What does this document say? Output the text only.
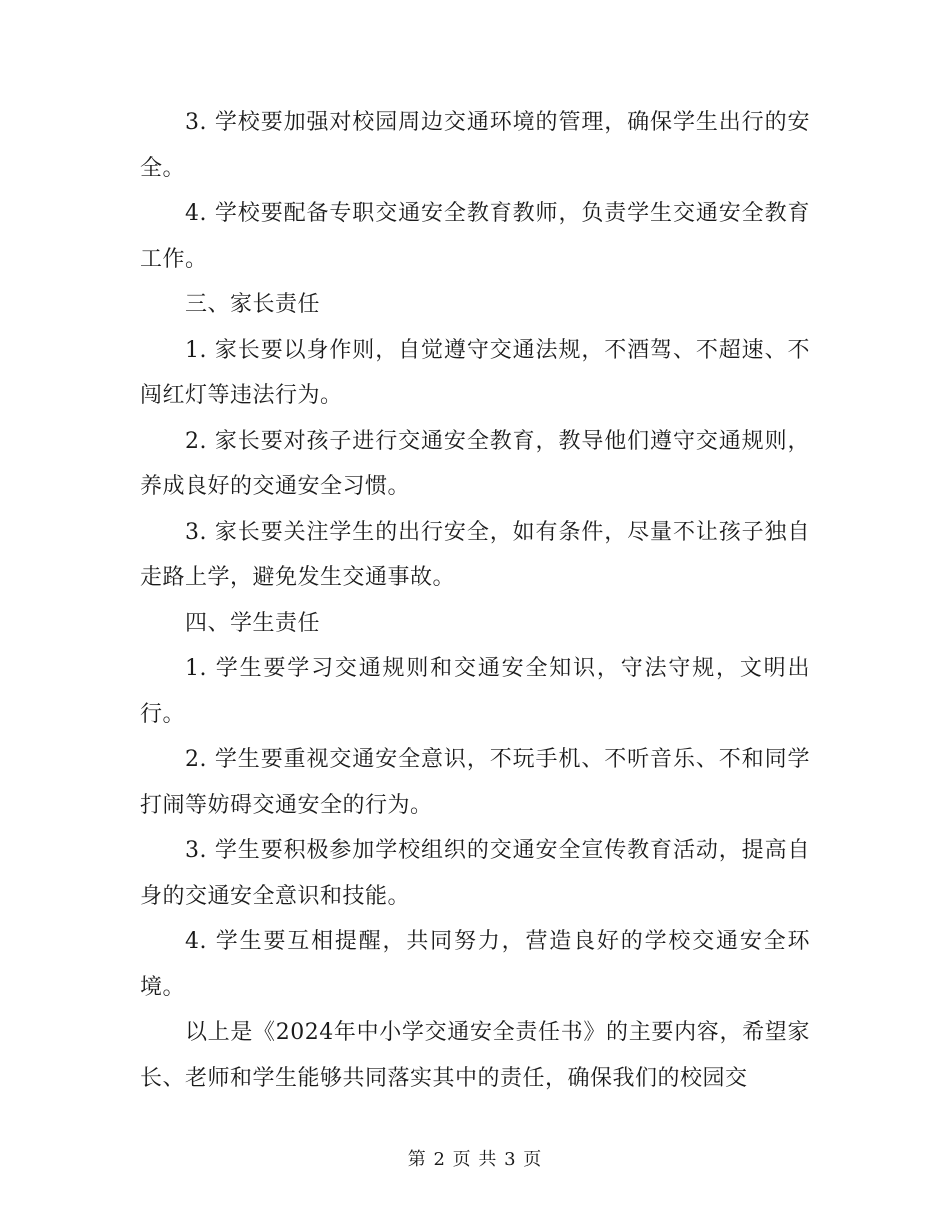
3. 学校要加强对校园周边交通环境的管理，确保学生出行的安全。

4. 学校要配备专职交通安全教育教师，负责学生交通安全教育工作。

三、家长责任

1. 家长要以身作则，自觉遵守交通法规，不酒驾、不超速、不闯红灯等违法行为。

2. 家长要对孩子进行交通安全教育，教导他们遵守交通规则，养成良好的交通安全习惯。

3. 家长要关注学生的出行安全，如有条件，尽量不让孩子独自走路上学，避免发生交通事故。

四、学生责任

1. 学生要学习交通规则和交通安全知识，守法守规，文明出行。

2. 学生要重视交通安全意识，不玩手机、不听音乐、不和同学打闹等妨碍交通安全的行为。

3. 学生要积极参加学校组织的交通安全宣传教育活动，提高自身的交通安全意识和技能。

4. 学生要互相提醒，共同努力，营造良好的学校交通安全环境。

以上是《2024年中小学交通安全责任书》的主要内容，希望家长、老师和学生能够共同落实其中的责任，确保我们的校园交

第 2 页 共 3 页
